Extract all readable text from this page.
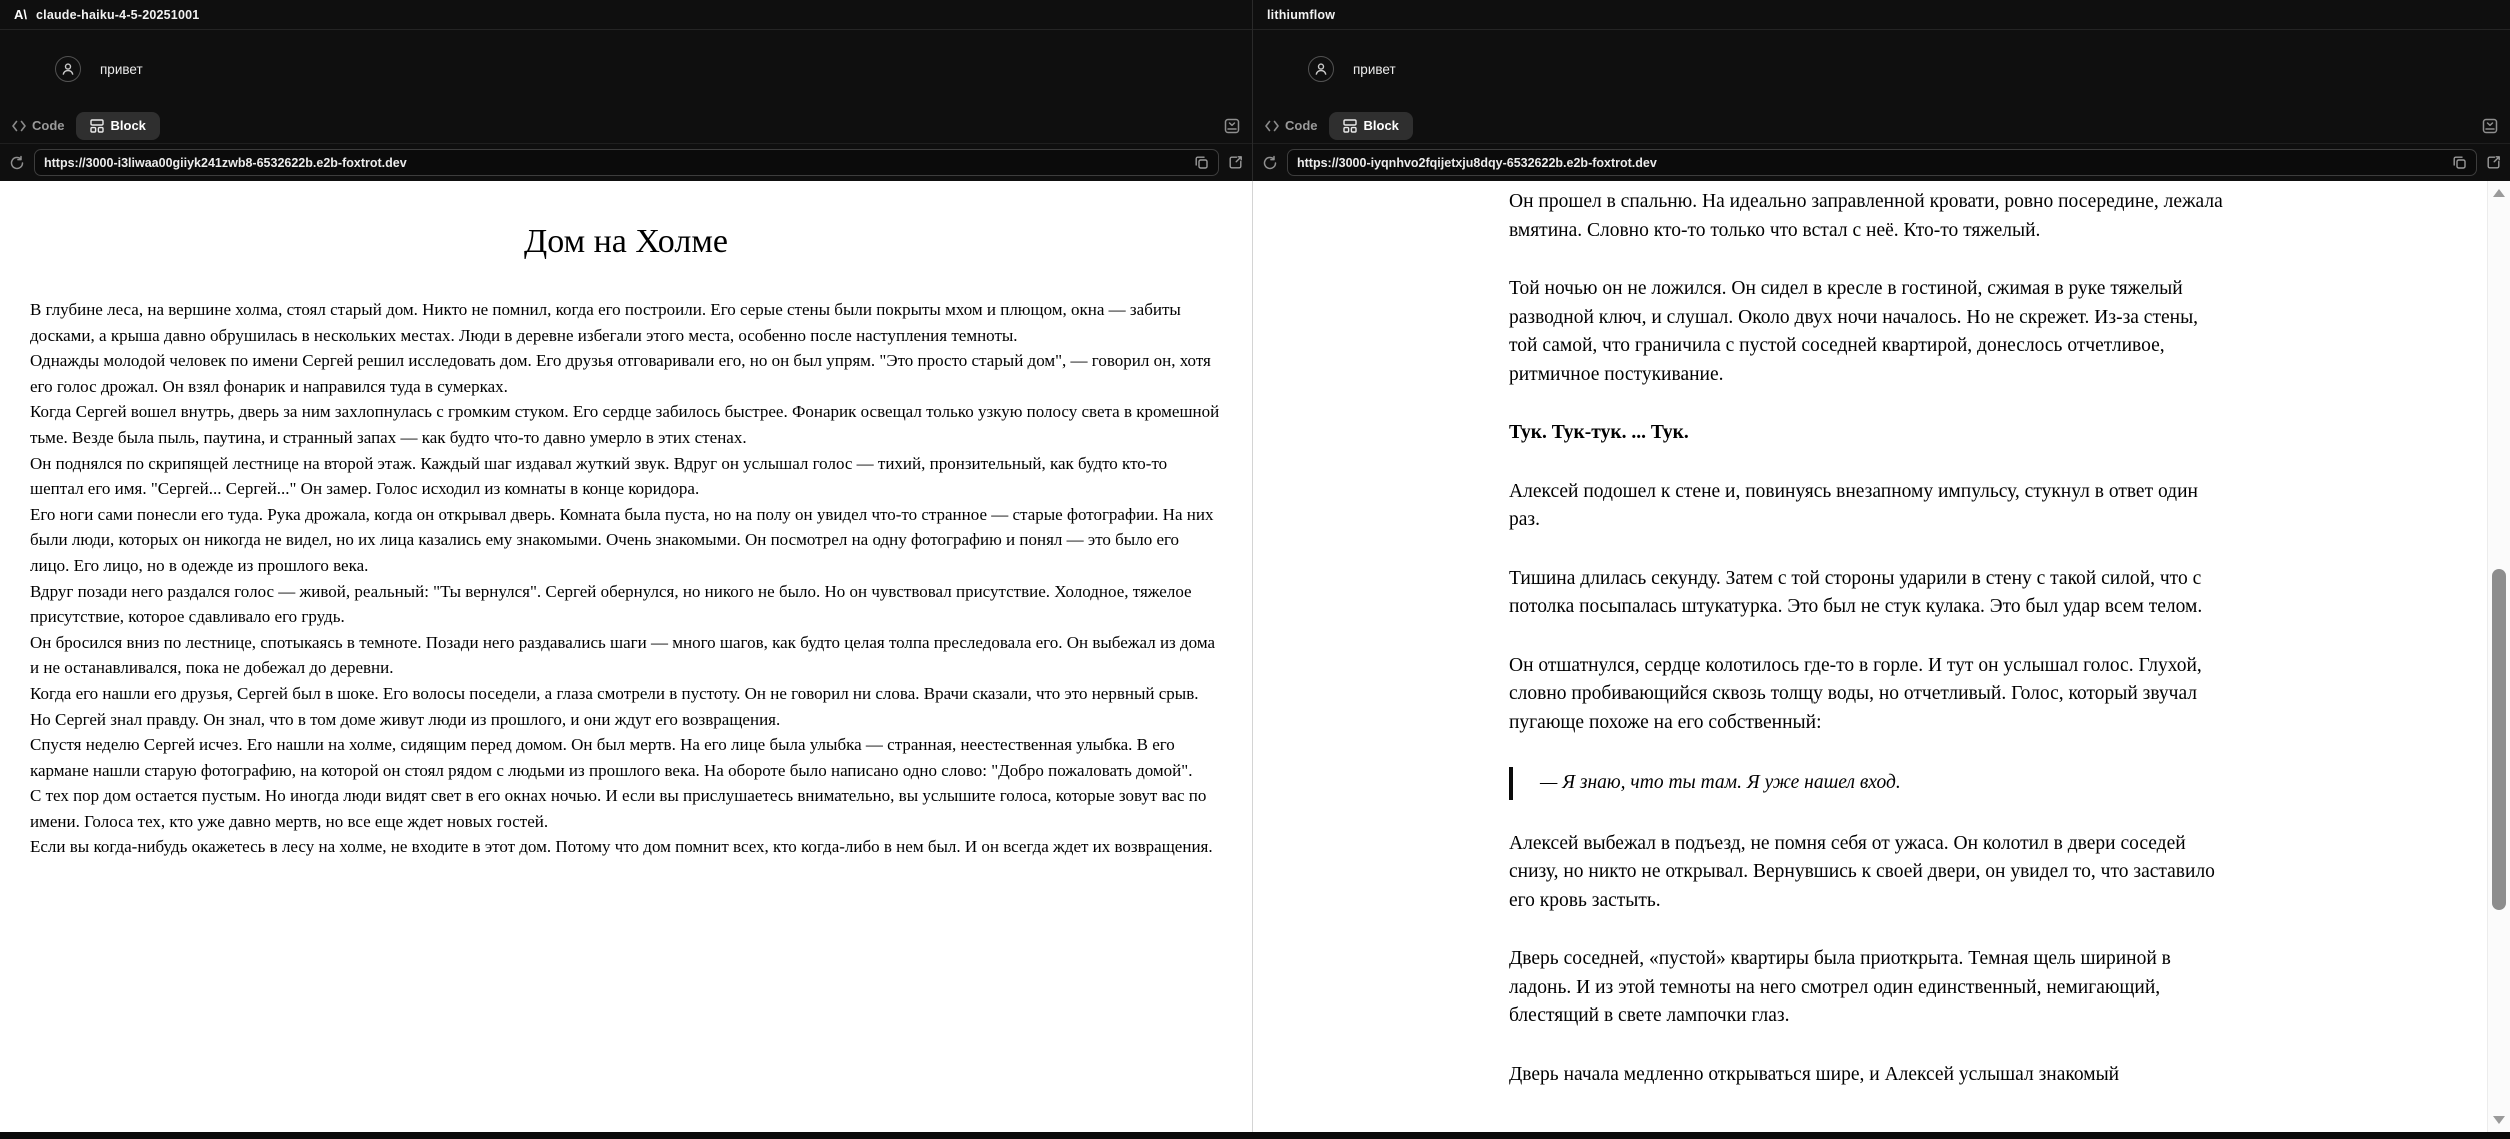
A\ claude-haiku-4-5-20251001
привет
Code	Block
https://3000-i3liwaa00giiyk241zwb8-6532622b.e2b-foxtrot.dev
Дом на Холме

В глубине леса, на вершине холма, стоял старый дом. Никто не помнил, когда его построили. Его серые стены были покрыты мхом и плющом, окна — забиты досками, а крыша давно обрушилась в нескольких местах. Люди в деревне избегали этого места, особенно после наступления темноты.

Однажды молодой человек по имени Сергей решил исследовать дом. Его друзья отговаривали его, но он был упрям. "Это просто старый дом", — говорил он, хотя его голос дрожал. Он взял фонарик и направился туда в сумерках.

Когда Сергей вошел внутрь, дверь за ним захлопнулась с громким стуком. Его сердце забилось быстрее. Фонарик освещал только узкую полосу света в кромешной тьме. Везде была пыль, паутина, и странный запах — как будто что-то давно умерло в этих стенах.

Он поднялся по скрипящей лестнице на второй этаж. Каждый шаг издавал жуткий звук. Вдруг он услышал голос — тихий, пронзительный, как будто кто-то шептал его имя. "Сергей... Сергей..." Он замер. Голос исходил из комнаты в конце коридора.

Его ноги сами понесли его туда. Рука дрожала, когда он открывал дверь. Комната была пуста, но на полу он увидел что-то странное — старые фотографии. На них были люди, которых он никогда не видел, но их лица казались ему знакомыми. Очень знакомыми. Он посмотрел на одну фотографию и понял — это было его лицо. Его лицо, но в одежде из прошлого века.

Вдруг позади него раздался голос — живой, реальный: "Ты вернулся". Сергей обернулся, но никого не было. Но он чувствовал присутствие. Холодное, тяжелое присутствие, которое сдавливало его грудь.

Он бросился вниз по лестнице, спотыкаясь в темноте. Позади него раздавались шаги — много шагов, как будто целая толпа преследовала его. Он выбежал из дома и не останавливался, пока не добежал до деревни.

Когда его нашли его друзья, Сергей был в шоке. Его волосы поседели, а глаза смотрели в пустоту. Он не говорил ни слова. Врачи сказали, что это нервный срыв. Но Сергей знал правду. Он знал, что в том доме живут люди из прошлого, и они ждут его возвращения.

Спустя неделю Сергей исчез. Его нашли на холме, сидящим перед домом. Он был мертв. На его лице была улыбка — странная, неестественная улыбка. В его кармане нашли старую фотографию, на которой он стоял рядом с людьми из прошлого века. На обороте было написано одно слово: "Добро пожаловать домой".

С тех пор дом остается пустым. Но иногда люди видят свет в его окнах ночью. И если вы прислушаетесь внимательно, вы услышите голоса, которые зовут вас по имени. Голоса тех, кто уже давно мертв, но все еще ждет новых гостей.

Если вы когда-нибудь окажетесь в лесу на холме, не входите в этот дом. Потому что дом помнит всех, кто когда-либо в нем был. И он всегда ждет их возвращения.

lithiumflow
привет
Code	Block
https://3000-iyqnhvo2fqijetxju8dqy-6532622b.e2b-foxtrot.dev

Он прошел в спальню. На идеально заправленной кровати, ровно посередине, лежала вмятина. Словно кто-то только что встал с неё. Кто-то тяжелый.

Той ночью он не ложился. Он сидел в кресле в гостиной, сжимая в руке тяжелый разводной ключ, и слушал. Около двух ночи началось. Но не скрежет. Из-за стены, той самой, что граничила с пустой соседней квартирой, донеслось отчетливое, ритмичное постукивание.

Тук. Тук-тук. ... Тук.

Алексей подошел к стене и, повинуясь внезапному импульсу, стукнул в ответ один раз.

Тишина длилась секунду. Затем с той стороны ударили в стену с такой силой, что с потолка посыпалась штукатурка. Это был не стук кулака. Это был удар всем телом.

Он отшатнулся, сердце колотилось где-то в горле. И тут он услышал голос. Глухой, словно пробивающийся сквозь толщу воды, но отчетливый. Голос, который звучал пугающе похоже на его собственный:

— Я знаю, что ты там. Я уже нашел вход.

Алексей выбежал в подъезд, не помня себя от ужаса. Он колотил в двери соседей снизу, но никто не открывал. Вернувшись к своей двери, он увидел то, что заставило его кровь застыть.

Дверь соседней, «пустой» квартиры была приоткрыта. Темная щель шириной в ладонь. И из этой темноты на него смотрел один единственный, немигающий, блестящий в свете лампочки глаз.

Дверь начала медленно открываться шире, и Алексей услышал знакомый
